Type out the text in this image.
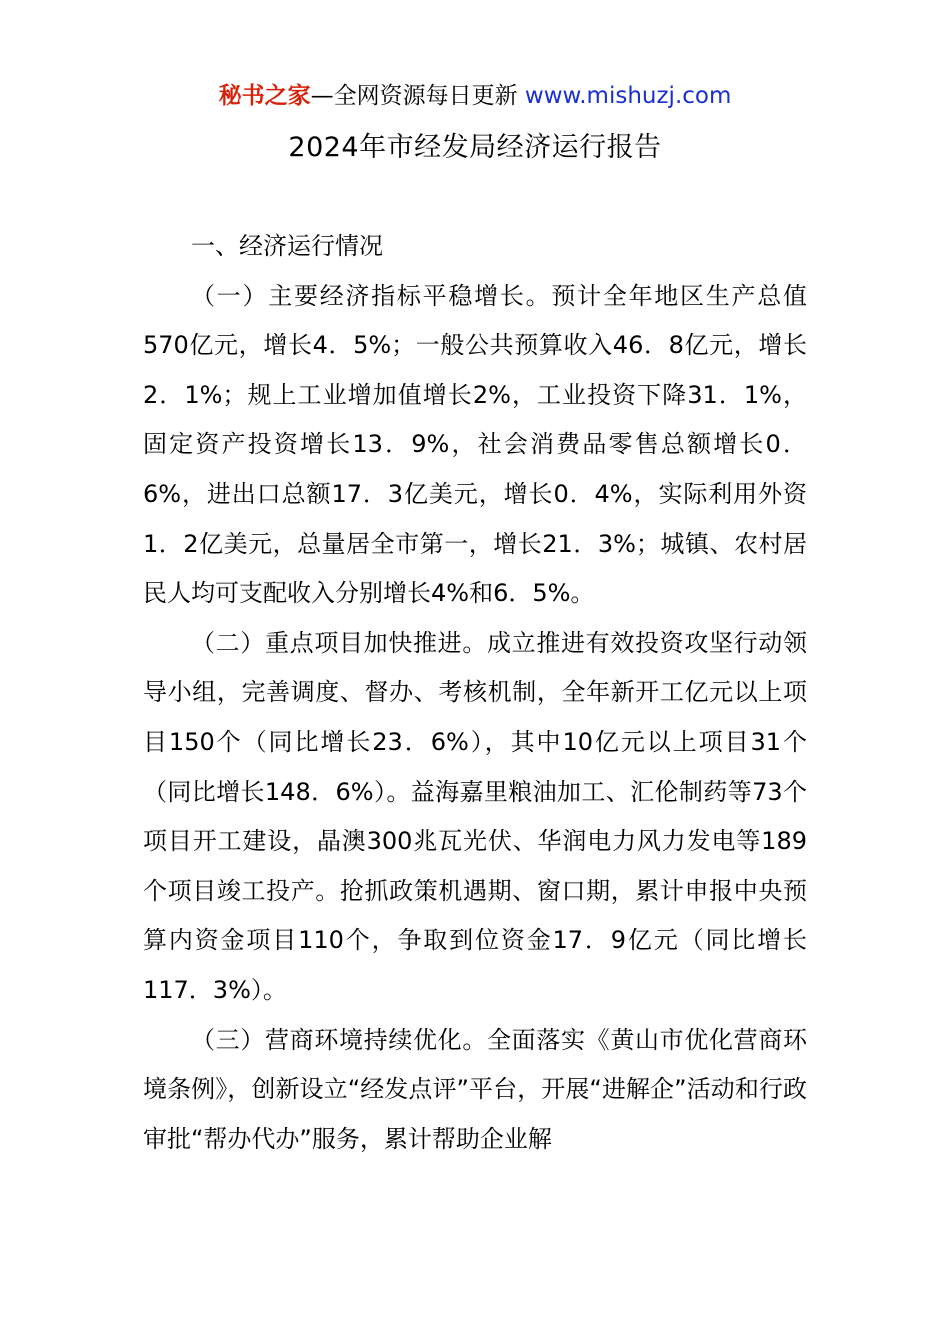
秘书之家—全网资源每日更新 www.mishuzj.com
2024年市经发局经济运行报告

一、经济运行情况

（一）主要经济指标平稳增长。预计全年地区生产总值570亿元，增长4．5%；一般公共预算收入46．8亿元，增长2．1%；规上工业增加值增长2%，工业投资下降31．1%，固定资产投资增长13．9%，社会消费品零售总额增长0．6%，进出口总额17．3亿美元，增长0．4%，实际利用外资1．2亿美元，总量居全市第一，增长21．3%；城镇、农村居民人均可支配收入分别增长4%和6．5%。

（二）重点项目加快推进。成立推进有效投资攻坚行动领导小组，完善调度、督办、考核机制，全年新开工亿元以上项目150个（同比增长23．6%），其中10亿元以上项目31个（同比增长148．6%）。益海嘉里粮油加工、汇伦制药等73个项目开工建设，晶澳300兆瓦光伏、华润电力风力发电等189个项目竣工投产。抢抓政策机遇期、窗口期，累计申报中央预算内资金项目110个，争取到位资金17．9亿元（同比增长117．3%）。

（三）营商环境持续优化。全面落实《黄山市优化营商环境条例》，创新设立“经发点评”平台，开展“进解企”活动和行政审批“帮办代办”服务，累计帮助企业解
